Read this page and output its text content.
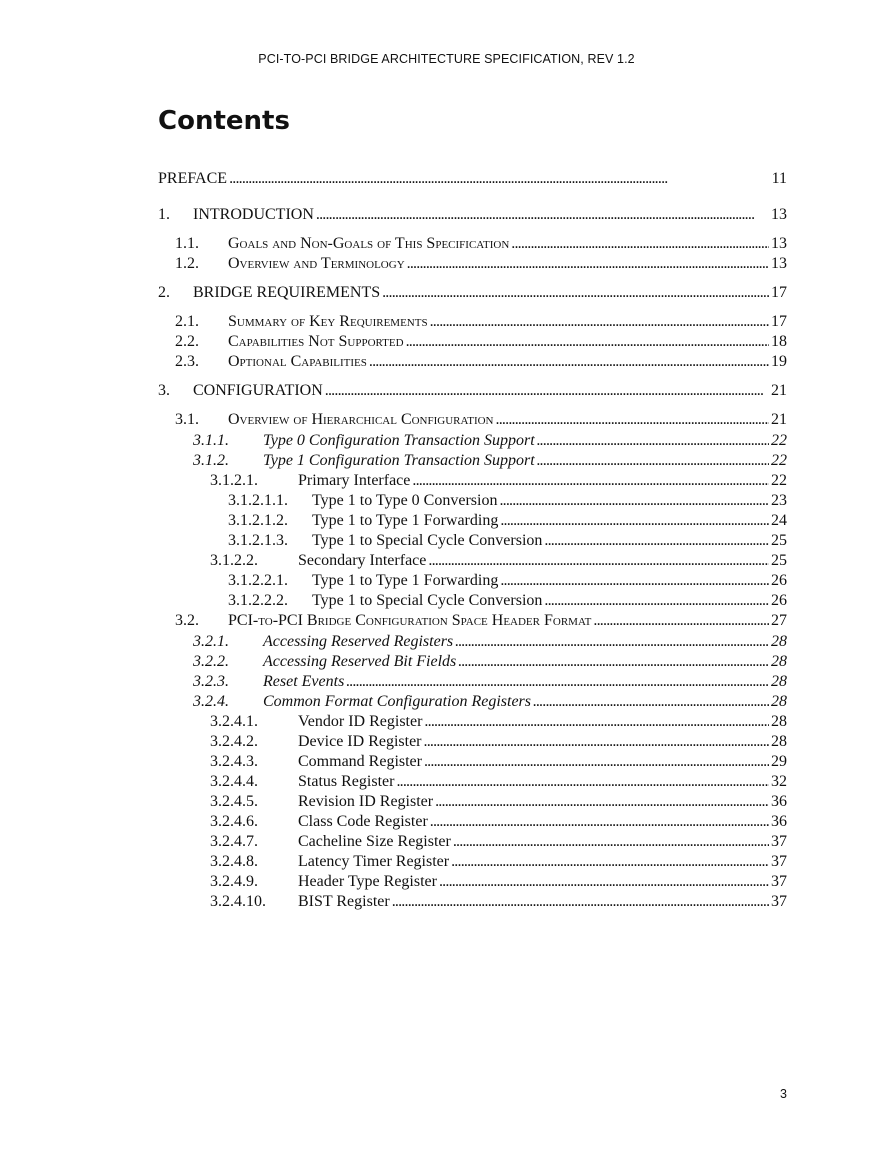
PCI-TO-PCI BRIDGE ARCHITECTURE SPECIFICATION, REV 1.2
Contents
PREFACE . . .	11
1.	INTRODUCTION . . .	13
1.1.	Goals and Non-Goals of This Specification . . .	13
1.2.	Overview and Terminology . . .	13
2.	BRIDGE REQUIREMENTS . . .	17
2.1.	Summary of Key Requirements . . .	17
2.2.	Capabilities Not Supported . . .	18
2.3.	Optional Capabilities . . .	19
3.	CONFIGURATION . . .	21
3.1.	Overview of Hierarchical Configuration . . .	21
3.1.1.	Type 0 Configuration Transaction Support . . .	22
3.1.2.	Type 1 Configuration Transaction Support . . .	22
3.1.2.1.	Primary Interface . . .	22
3.1.2.1.1.	Type 1 to Type 0 Conversion . . .	23
3.1.2.1.2.	Type 1 to Type 1 Forwarding . . .	24
3.1.2.1.3.	Type 1 to Special Cycle Conversion . . .	25
3.1.2.2.	Secondary Interface . . .	25
3.1.2.2.1.	Type 1 to Type 1 Forwarding . . .	26
3.1.2.2.2.	Type 1 to Special Cycle Conversion . . .	26
3.2.	PCI-to-PCI Bridge Configuration Space Header Format . . .	27
3.2.1.	Accessing Reserved Registers . . .	28
3.2.2.	Accessing Reserved Bit Fields . . .	28
3.2.3.	Reset Events . . .	28
3.2.4.	Common Format Configuration Registers . . .	28
3.2.4.1.	Vendor ID Register . . .	28
3.2.4.2.	Device ID Register . . .	28
3.2.4.3.	Command Register . . .	29
3.2.4.4.	Status Register . . .	32
3.2.4.5.	Revision ID Register . . .	36
3.2.4.6.	Class Code Register . . .	36
3.2.4.7.	Cacheline Size Register . . .	37
3.2.4.8.	Latency Timer Register . . .	37
3.2.4.9.	Header Type Register . . .	37
3.2.4.10.	BIST Register . . .	37
3
